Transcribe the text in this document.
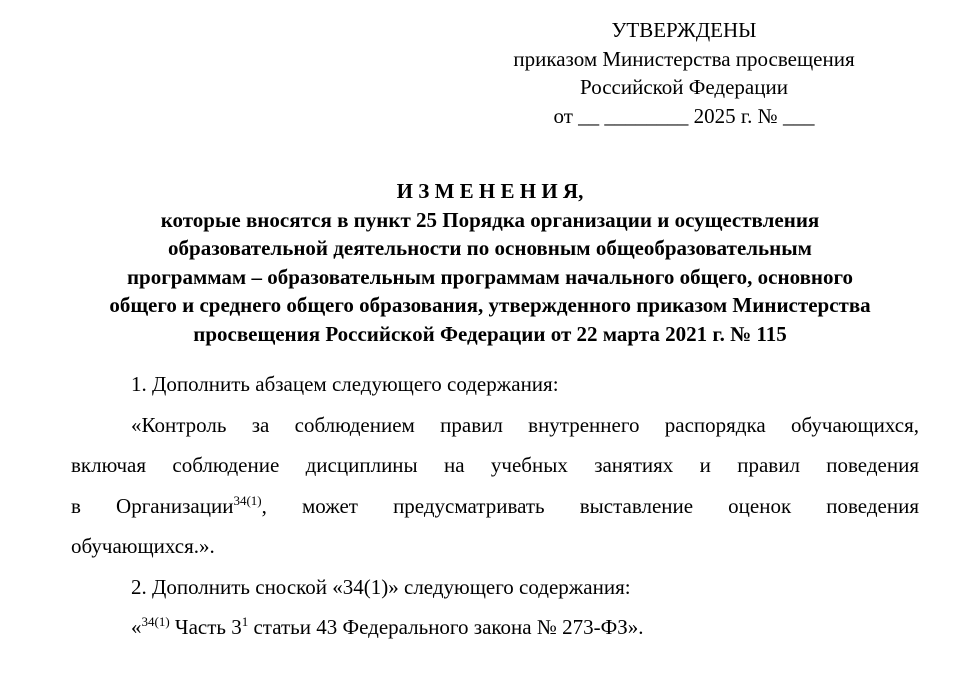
УТВЕРЖДЕНЫ
приказом Министерства просвещения
Российской Федерации
от __ ________ 2025 г. № ___
И З М Е Н Е Н И Я,
которые вносятся в пункт 25 Порядка организации и осуществления
образовательной деятельности по основным общеобразовательным
программам – образовательным программам начального общего, основного
общего и среднего общего образования, утвержденного приказом Министерства
просвещения Российской Федерации от 22 марта 2021 г. № 115

1. Дополнить абзацем следующего содержания:

«Контроль за соблюдением правил внутреннего распорядка обучающихся,
включая соблюдение дисциплины на учебных занятиях и правил поведения
в Организации$^{34(1)}$, может предусматривать выставление оценок поведения
обучающихся.».

2. Дополнить сноской «34(1)» следующего содержания:

«$^{34(1)}$ Часть $3^1$ статьи 43 Федерального закона № 273-ФЗ».
